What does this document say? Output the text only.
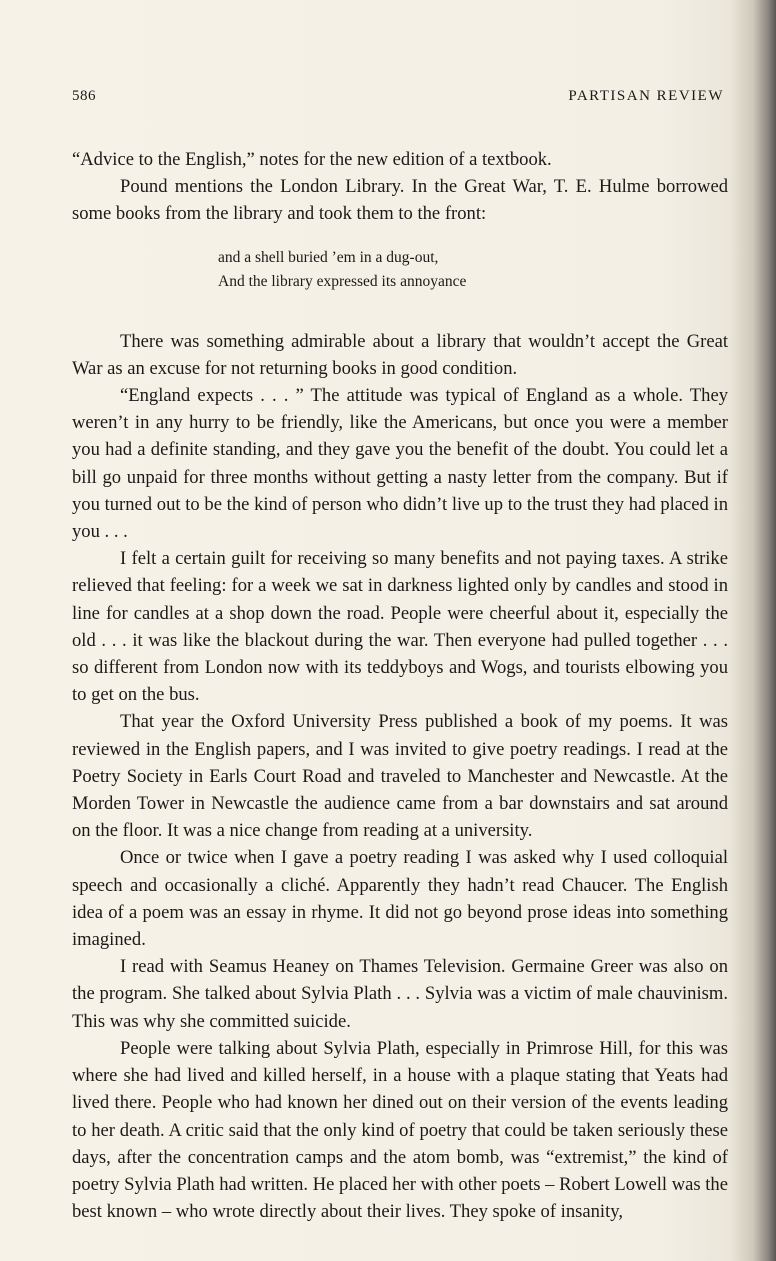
586	PARTISAN REVIEW

“Advice to the English,” notes for the new edition of a textbook.

Pound mentions the London Library. In the Great War, T. E. Hulme borrowed some books from the library and took them to the front:

and a shell buried ’em in a dug-out,
And the library expressed its annoyance

There was something admirable about a library that wouldn’t accept the Great War as an excuse for not returning books in good condition.

“England expects . . . ” The attitude was typical of England as a whole. They weren’t in any hurry to be friendly, like the Americans, but once you were a member you had a definite standing, and they gave you the benefit of the doubt. You could let a bill go unpaid for three months without getting a nasty letter from the company. But if you turned out to be the kind of person who didn’t live up to the trust they had placed in you . . .

I felt a certain guilt for receiving so many benefits and not paying taxes. A strike relieved that feeling: for a week we sat in darkness lighted only by candles and stood in line for candles at a shop down the road. People were cheerful about it, especially the old . . . it was like the blackout during the war. Then everyone had pulled together . . . so different from London now with its teddyboys and Wogs, and tourists elbowing you to get on the bus.

That year the Oxford University Press published a book of my poems. It was reviewed in the English papers, and I was invited to give poetry readings. I read at the Poetry Society in Earls Court Road and traveled to Manchester and Newcastle. At the Morden Tower in Newcastle the audience came from a bar downstairs and sat around on the floor. It was a nice change from reading at a university.

Once or twice when I gave a poetry reading I was asked why I used colloquial speech and occasionally a cliché. Apparently they hadn’t read Chaucer. The English idea of a poem was an essay in rhyme. It did not go beyond prose ideas into something imagined.

I read with Seamus Heaney on Thames Television. Germaine Greer was also on the program. She talked about Sylvia Plath . . . Sylvia was a victim of male chauvinism. This was why she committed suicide.

People were talking about Sylvia Plath, especially in Primrose Hill, for this was where she had lived and killed herself, in a house with a plaque stating that Yeats had lived there. People who had known her dined out on their version of the events leading to her death. A critic said that the only kind of poetry that could be taken seriously these days, after the concentration camps and the atom bomb, was “extremist,” the kind of poetry Sylvia Plath had written. He placed her with other poets – Robert Lowell was the best known – who wrote directly about their lives. They spoke of insanity,
